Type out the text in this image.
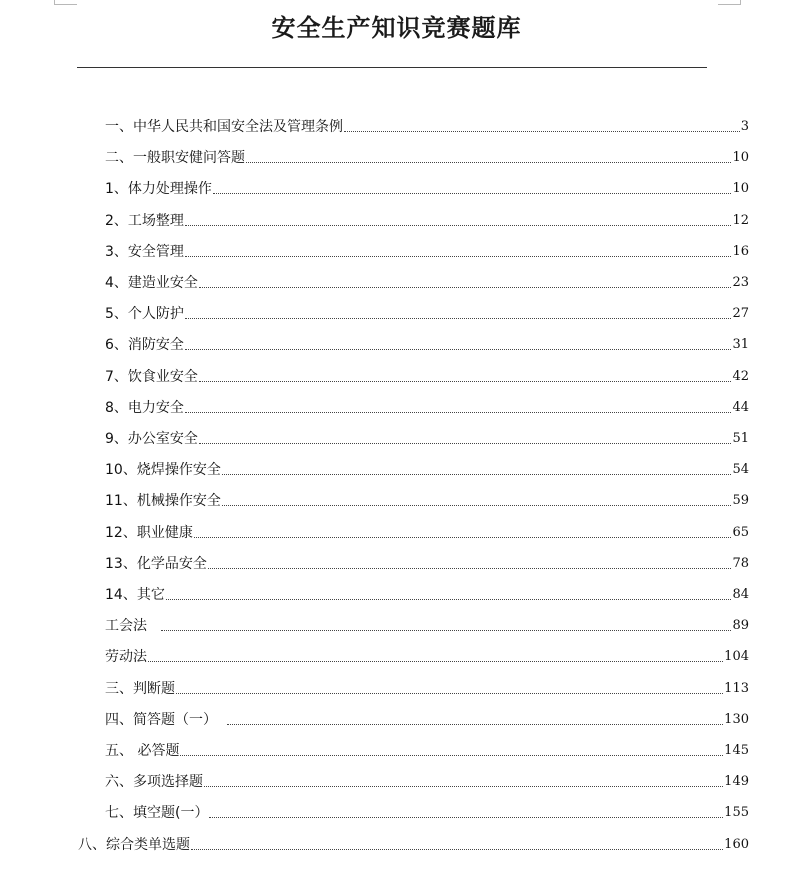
安全生产知识竞赛题库
一、中华人民共和国安全法及管理条例	3
二、一般职安健问答题	10
1、体力处理操作	10
2、工场整理	12
3、安全管理	16
4、建造业安全	23
5、个人防护	27
6、消防安全	31
7、饮食业安全	42
8、电力安全	44
9、办公室安全	51
10、烧焊操作安全	54
11、机械操作安全	59
12、职业健康	65
13、化学品安全	78
14、其它	84
工会法	89
劳动法	104
三、判断题	113
四、简答题（一）	130
五、 必答题	145
六、多项选择题	149
七、填空题(一）	155
八、综合类单选题	160
